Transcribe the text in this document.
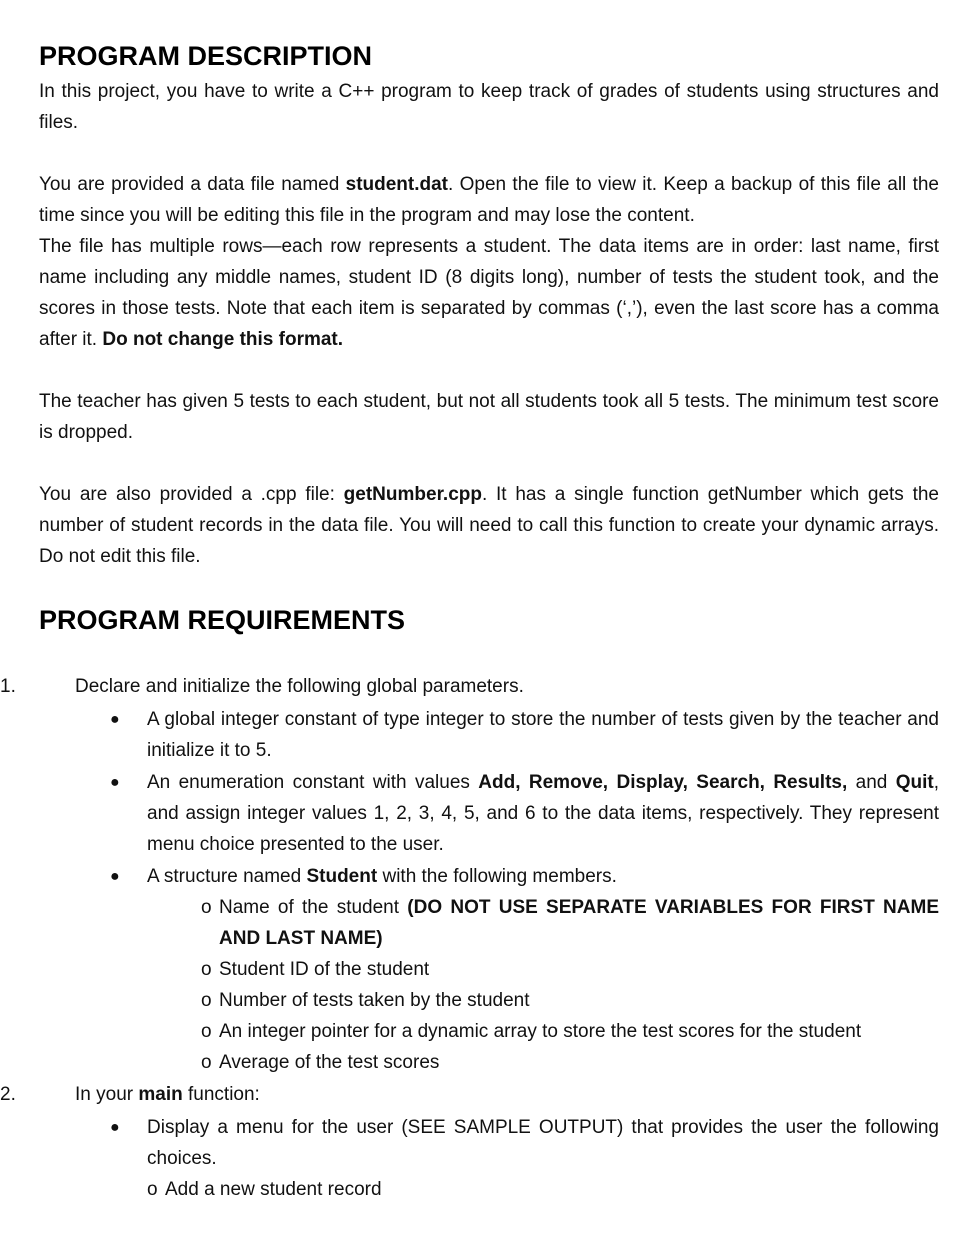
PROGRAM DESCRIPTION

In this project, you have to write a C++ program to keep track of grades of students using structures and files.

You are provided a data file named student.dat. Open the file to view it. Keep a backup of this file all the time since you will be editing this file in the program and may lose the content.

The file has multiple rows—each row represents a student. The data items are in order: last name, first name including any middle names, student ID (8 digits long), number of tests the student took, and the scores in those tests. Note that each item is separated by commas (‘,’), even the last score has a comma after it. Do not change this format.

The teacher has given 5 tests to each student, but not all students took all 5 tests. The minimum test score is dropped.

You are also provided a .cpp file: getNumber.cpp. It has a single function getNumber which gets the number of student records in the data file. You will need to call this function to create your dynamic arrays. Do not edit this file.

PROGRAM REQUIREMENTS
1.	Declare and initialize the following global parameters.
● A global integer constant of type integer to store the number of tests given by the teacher and initialize it to 5.
● An enumeration constant with values Add, Remove, Display, Search, Results, and Quit, and assign integer values 1, 2, 3, 4, 5, and 6 to the data items, respectively. They represent menu choice presented to the user.
● A structure named Student with the following members.
o Name of the student (DO NOT USE SEPARATE VARIABLES FOR FIRST NAME AND LAST NAME)
o Student ID of the student
o Number of tests taken by the student
o An integer pointer for a dynamic array to store the test scores for the student
o Average of the test scores
2.	In your main function:
● Display a menu for the user (SEE SAMPLE OUTPUT) that provides the user the following choices.
o Add a new student record
